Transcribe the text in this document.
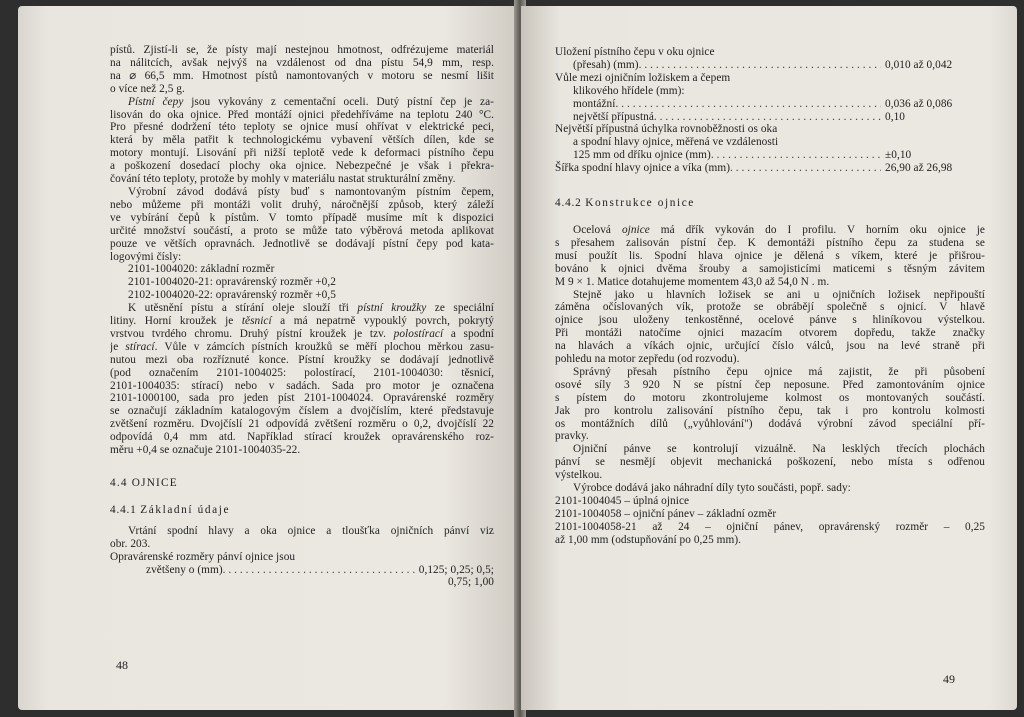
pístů. Zjistí-li se, že písty mají nestejnou hmotnost, odfrézujeme materiál
na nálitcích, avšak nejvýš na vzdálenost od dna pístu 54,9 mm, resp.
na ⌀ 66,5 mm. Hmotnost pístů namontovaných v motoru se nesmí lišit
o více než 2,5 g.
Pístní čepy jsou vykovány z cementační oceli. Dutý pístní čep je za-
lisován do oka ojnice. Před montáží ojnici předehříváme na teplotu 240 °C.
Pro přesné dodržení této teploty se ojnice musí ohřívat v elektrické peci,
která by měla patřit k technologickému vybavení větších dílen, kde se
motory montují. Lisování při nižší teplotě vede k deformaci pístního čepu
a poškození dosedací plochy oka ojnice. Nebezpečné je však i překra-
čování této teploty, protože by mohly v materiálu nastat strukturální změny.
Výrobní závod dodává písty buď s namontovaným pístním čepem,
nebo můžeme při montáži volit druhý, náročnější způsob, který záleží
ve vybírání čepů k pístům. V tomto případě musíme mít k dispozici
určité množství součástí, a proto se může tato výběrová metoda aplikovat
pouze ve větších opravnách. Jednotlivě se dodávají pístní čepy pod kata-
logovými čísly:
2101-1004020: základní rozměr
2101-1004020-21: opravárenský rozměr +0,2
2102-1004020-22: opravárenský rozměr +0,5
K utěsnění pístu a stírání oleje slouží tři pístní kroužky ze speciální
litiny. Horní kroužek je těsnicí a má nepatrně vypouklý povrch, pokrytý
vrstvou tvrdého chromu. Druhý pístní kroužek je tzv. polostírací a spodní
je stírací. Vůle v zámcích pístních kroužků se měří plochou měrkou zasu-
nutou mezi oba rozříznuté konce. Pístní kroužky se dodávají jednotlivě
(pod označením 2101-1004025: polostírací, 2101-1004030: těsnicí,
2101-1004035: stírací) nebo v sadách. Sada pro motor je označena
2101-1000100, sada pro jeden píst 2101-1004024. Opravárenské rozměry
se označují základním katalogovým číslem a dvojčíslím, které představuje
zvětšení rozměru. Dvojčíslí 21 odpovídá zvětšení rozměru o 0,2, dvojčíslí 22
odpovídá 0,4 mm atd. Například stírací kroužek opravárenského roz-
měru +0,4 se označuje 2101-1004035-22.
4.4 OJNICE
4.4.1 Základní údaje
Vrtání spodní hlavy a oka ojnice a tloušťka ojničních pánví viz
obr. 203.
Opravárenské rozměry pánví ojnice jsou
zvětšeny o (mm) . . .	0,125; 0,25; 0,5;
0,75; 1,00
48
Uložení pístního čepu v oku ojnice
(přesah) (mm) . . .	0,010 až 0,042
Vůle mezi ojničním ložiskem a čepem
klikového hřídele (mm):
montážní . . .	0,036 až 0,086
největší přípustná . . .	0,10
Největší přípustná úchylka rovnoběžnosti os oka
a spodní hlavy ojnice, měřená ve vzdálenosti
125 mm od dříku ojnice (mm) . . .	±0,10
Šířka spodní hlavy ojnice a víka (mm) . . .	26,90 až 26,98
4.4.2 Konstrukce ojnice
Ocelová ojnice má dřík vykován do I profilu. V horním oku ojnice je
s přesahem zalisován pístní čep. K demontáži pístního čepu za studena se
musí použít lis. Spodní hlava ojnice je dělená s víkem, které je přišrou-
bováno k ojnici dvěma šrouby a samojisticími maticemi s těsným závitem
M 9 × 1. Matice dotahujeme momentem 43,0 až 54,0 N . m.
Stejně jako u hlavních ložisek se ani u ojničních ložisek nepřipouští
záměna očíslovaných vík, protože se obrábějí společně s ojnicí. V hlavě
ojnice jsou uloženy tenkostěnné, ocelové pánve s hliníkovou výstelkou.
Při montáži natočíme ojnici mazacím otvorem dopředu, takže značky
na hlavách a víkách ojnic, určující číslo válců, jsou na levé straně při
pohledu na motor zepředu (od rozvodu).
Správný přesah pístního čepu ojnice má zajistit, že při působení
osové síly 3 920 N se pístní čep neposune. Před zamontováním ojnice
s pístem do motoru zkontrolujeme kolmost os montovaných součástí.
Jak pro kontrolu zalisování pístního čepu, tak i pro kontrolu kolmosti
os montážních dílů („vyůhlování") dodává výrobní závod speciální pří-
pravky.
Ojniční pánve se kontrolují vizuálně. Na lesklých třecích plochách
pánví se nesmějí objevit mechanická poškození, nebo místa s odřenou
výstelkou.
Výrobce dodává jako náhradní díly tyto součásti, popř. sady:
2101-1004045 – úplná ojnice
2101-1004058 – ojniční pánev – základní ozměr
2101-1004058-21 až 24 – ojniční pánev, opravárenský rozměr – 0,25
až 1,00 mm (odstupňování po 0,25 mm).
49
